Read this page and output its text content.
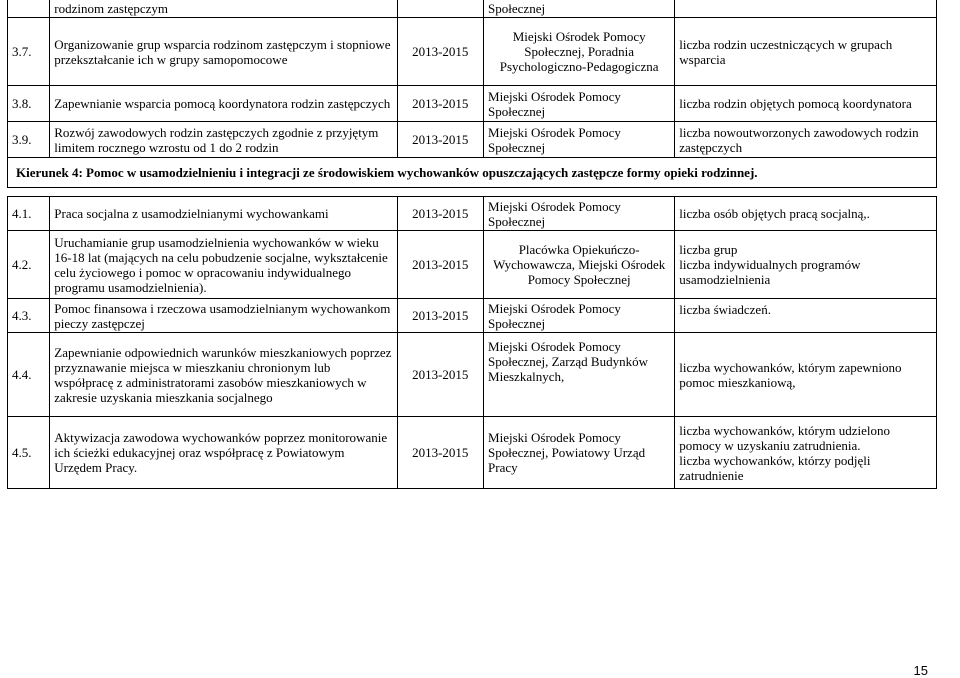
	rodzinom zastępczym		Społecznej	
3.7.	Organizowanie grup wsparcia rodzinom zastępczym i stopniowe przekształcanie ich w grupy samopomocowe	2013-2015	Miejski Ośrodek Pomocy Społecznej, Poradnia Psychologiczno-Pedagogiczna	liczba rodzin uczestniczących w grupach wsparcia
3.8.	Zapewnianie wsparcia pomocą koordynatora rodzin zastępczych	2013-2015	Miejski Ośrodek Pomocy Społecznej	liczba rodzin objętych pomocą koordynatora
3.9.	Rozwój zawodowych rodzin zastępczych zgodnie z przyjętym limitem rocznego wzrostu od 1 do 2 rodzin	2013-2015	Miejski Ośrodek Pomocy Społecznej	liczba nowoutworzonych zawodowych rodzin zastępczych
Kierunek 4: Pomoc w usamodzielnieniu i integracji ze środowiskiem wychowanków opuszczających zastępcze formy opieki rodzinnej.				
4.1.	Praca socjalna z usamodzielnianymi wychowankami	2013-2015	Miejski Ośrodek Pomocy Społecznej	liczba osób objętych pracą socjalną,.
4.2.	Uruchamianie grup usamodzielnienia wychowanków w wieku 16-18 lat (mających na celu pobudzenie socjalne, wykształcenie celu życiowego i pomoc w opracowaniu indywidualnego programu usamodzielnienia).	2013-2015	Placówka Opiekuńczo-Wychowawcza, Miejski Ośrodek Pomocy Społecznej	liczba grup
liczba indywidualnych programów usamodzielnienia
4.3.	Pomoc finansowa i rzeczowa usamodzielnianym wychowankom pieczy zastępczej	2013-2015	Miejski Ośrodek Pomocy Społecznej	liczba świadczeń.
4.4.	Zapewnianie odpowiednich warunków mieszkaniowych poprzez przyznawanie miejsca w mieszkaniu chronionym lub współpracę z administratorami zasobów mieszkaniowych w zakresie uzyskania mieszkania socjalnego	2013-2015	Miejski Ośrodek Pomocy Społecznej, Zarząd Budynków Mieszkalnych,	liczba wychowanków, którym zapewniono pomoc mieszkaniową,
4.5.	Aktywizacja zawodowa wychowanków poprzez monitorowanie ich ścieżki edukacyjnej oraz współpracę z Powiatowym Urzędem Pracy.	2013-2015	Miejski Ośrodek Pomocy Społecznej, Powiatowy Urząd Pracy	liczba wychowanków, którym udzielono pomocy w uzyskaniu zatrudnienia.
liczba wychowanków, którzy podjęli zatrudnienie
15
